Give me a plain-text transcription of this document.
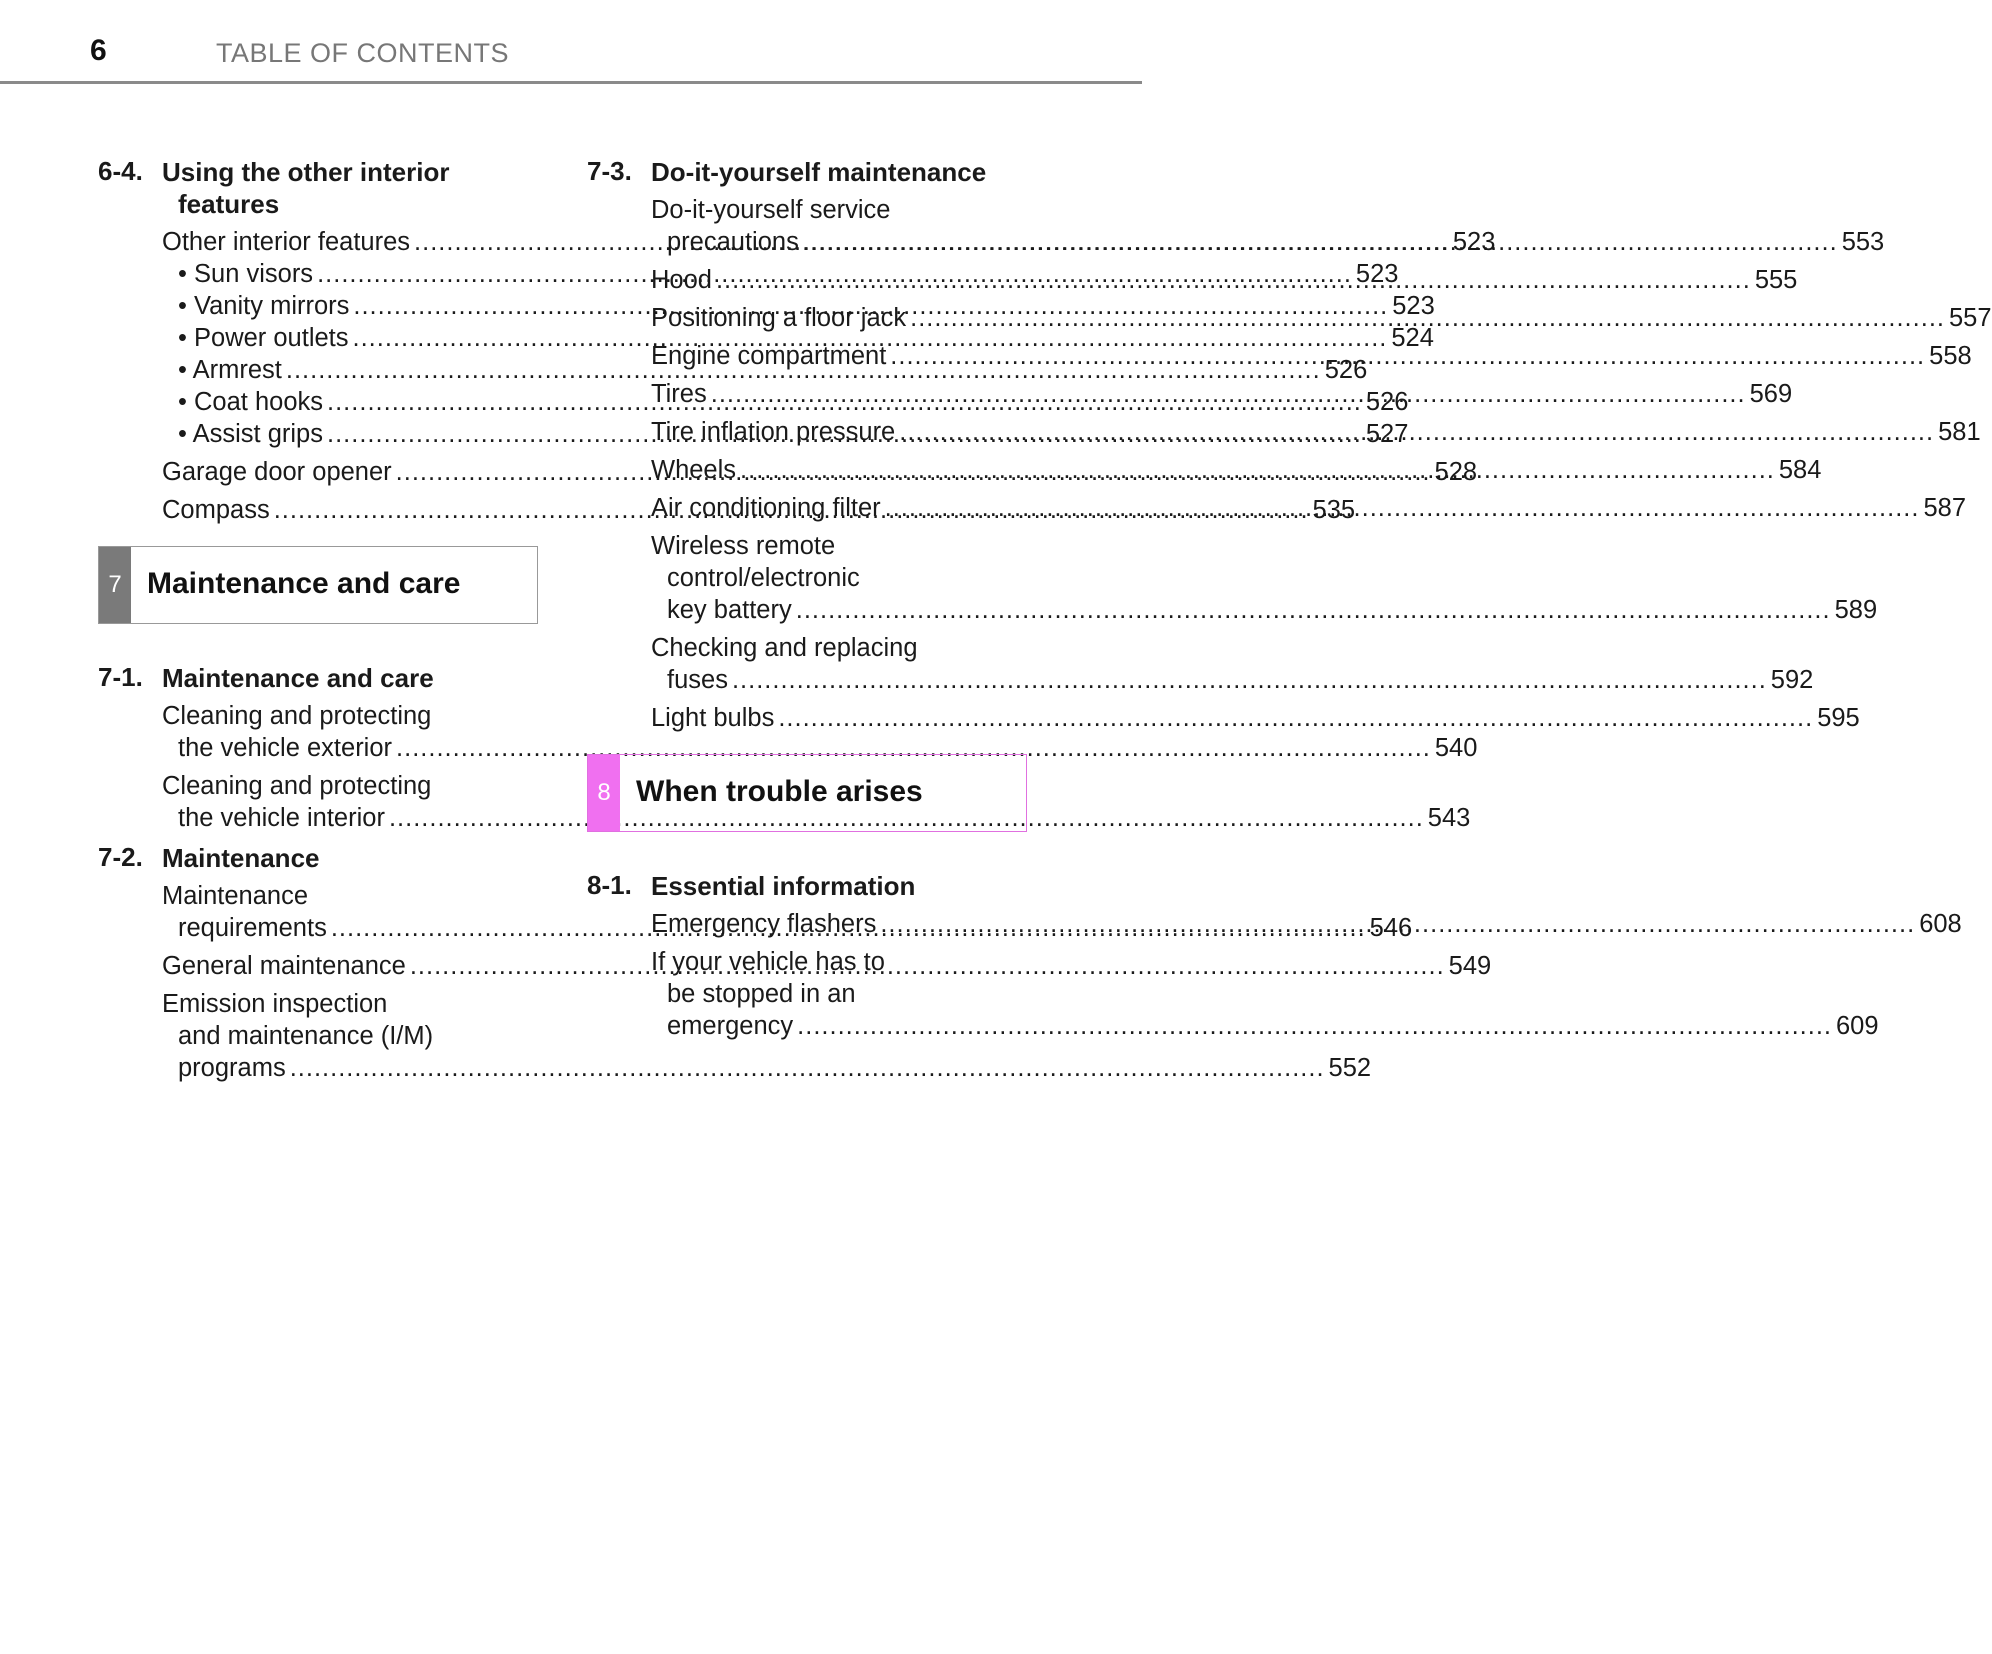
6	TABLE OF CONTENTS
6-4. Using the other interior
features
Other interior features .....	523
• Sun visors .....	523
• Vanity mirrors .....	523
• Power outlets .....	524
• Armrest .....	526
• Coat hooks .....	526
• Assist grips .....	527
Garage door opener .....	528
Compass .....	535
7 Maintenance and care
7-1. Maintenance and care
Cleaning and protecting
the vehicle exterior .....	540
Cleaning and protecting
the vehicle interior .....	543
7-2. Maintenance
Maintenance
requirements .....	546
General maintenance .....	549
Emission inspection
and maintenance (I/M)
programs .....	552
7-3. Do-it-yourself maintenance
Do-it-yourself service
precautions .....	553
Hood .....	555
Positioning a floor jack .....	557
Engine compartment .....	558
Tires .....	569
Tire inflation pressure .....	581
Wheels .....	584
Air conditioning filter .....	587
Wireless remote
control/electronic
key battery .....	589
Checking and replacing
fuses .....	592
Light bulbs .....	595
8 When trouble arises
8-1. Essential information
Emergency flashers .....	608
If your vehicle has to
be stopped in an
emergency .....	609
